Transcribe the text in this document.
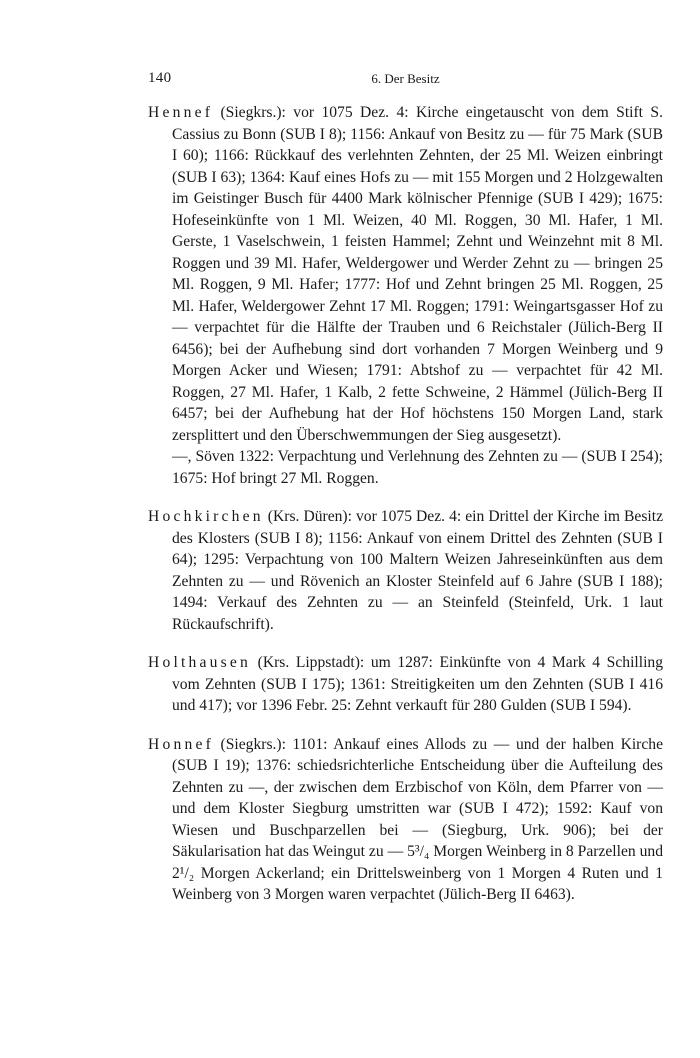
140	6. Der Besitz

Hennef (Siegkrs.): vor 1075 Dez. 4: Kirche eingetauscht von dem Stift S. Cassius zu Bonn (SUB I 8); 1156: Ankauf von Besitz zu — für 75 Mark (SUB I 60); 1166: Rückkauf des verlehnten Zehnten, der 25 Ml. Weizen einbringt (SUB I 63); 1364: Kauf eines Hofs zu — mit 155 Morgen und 2 Holzgewalten im Geistinger Busch für 4400 Mark kölnischer Pfennige (SUB I 429); 1675: Hofeseinkünfte von 1 Ml. Weizen, 40 Ml. Roggen, 30 Ml. Hafer, 1 Ml. Gerste, 1 Vaselschwein, 1 feisten Hammel; Zehnt und Weinzehnt mit 8 Ml. Roggen und 39 Ml. Hafer, Weldergower und Werder Zehnt zu — bringen 25 Ml. Roggen, 9 Ml. Hafer; 1777: Hof und Zehnt bringen 25 Ml. Roggen, 25 Ml. Hafer, Weldergower Zehnt 17 Ml. Roggen; 1791: Weingartsgasser Hof zu — verpachtet für die Hälfte der Trauben und 6 Reichstaler (Jülich-Berg II 6456); bei der Aufhebung sind dort vorhanden 7 Morgen Weinberg und 9 Morgen Acker und Wiesen; 1791: Abtshof zu — verpachtet für 42 Ml. Roggen, 27 Ml. Hafer, 1 Kalb, 2 fette Schweine, 2 Hämmel (Jülich-Berg II 6457; bei der Aufhebung hat der Hof höchstens 150 Morgen Land, stark zersplittert und den Überschwemmungen der Sieg ausgesetzt).

—, Söven 1322: Verpachtung und Verlehnung des Zehnten zu — (SUB I 254); 1675: Hof bringt 27 Ml. Roggen.

Hochkirchen (Krs. Düren): vor 1075 Dez. 4: ein Drittel der Kirche im Besitz des Klosters (SUB I 8); 1156: Ankauf von einem Drittel des Zehnten (SUB I 64); 1295: Verpachtung von 100 Maltern Weizen Jahreseinkünften aus dem Zehnten zu — und Rövenich an Kloster Steinfeld auf 6 Jahre (SUB I 188); 1494: Verkauf des Zehnten zu — an Steinfeld (Steinfeld, Urk. 1 laut Rückaufschrift).

Holthausen (Krs. Lippstadt): um 1287: Einkünfte von 4 Mark 4 Schilling vom Zehnten (SUB I 175); 1361: Streitigkeiten um den Zehnten (SUB I 416 und 417); vor 1396 Febr. 25: Zehnt verkauft für 280 Gulden (SUB I 594).

Honnef (Siegkrs.): 1101: Ankauf eines Allods zu — und der halben Kirche (SUB I 19); 1376: schiedsrichterliche Entscheidung über die Aufteilung des Zehnten zu —, der zwischen dem Erzbischof von Köln, dem Pfarrer von — und dem Kloster Siegburg umstritten war (SUB I 472); 1592: Kauf von Wiesen und Buschparzellen bei — (Siegburg, Urk. 906); bei der Säkularisation hat das Weingut zu — 5³/₄ Morgen Weinberg in 8 Parzellen und 2¹/₂ Morgen Ackerland; ein Drittelsweinberg von 1 Morgen 4 Ruten und 1 Weinberg von 3 Morgen waren verpachtet (Jülich-Berg II 6463).
